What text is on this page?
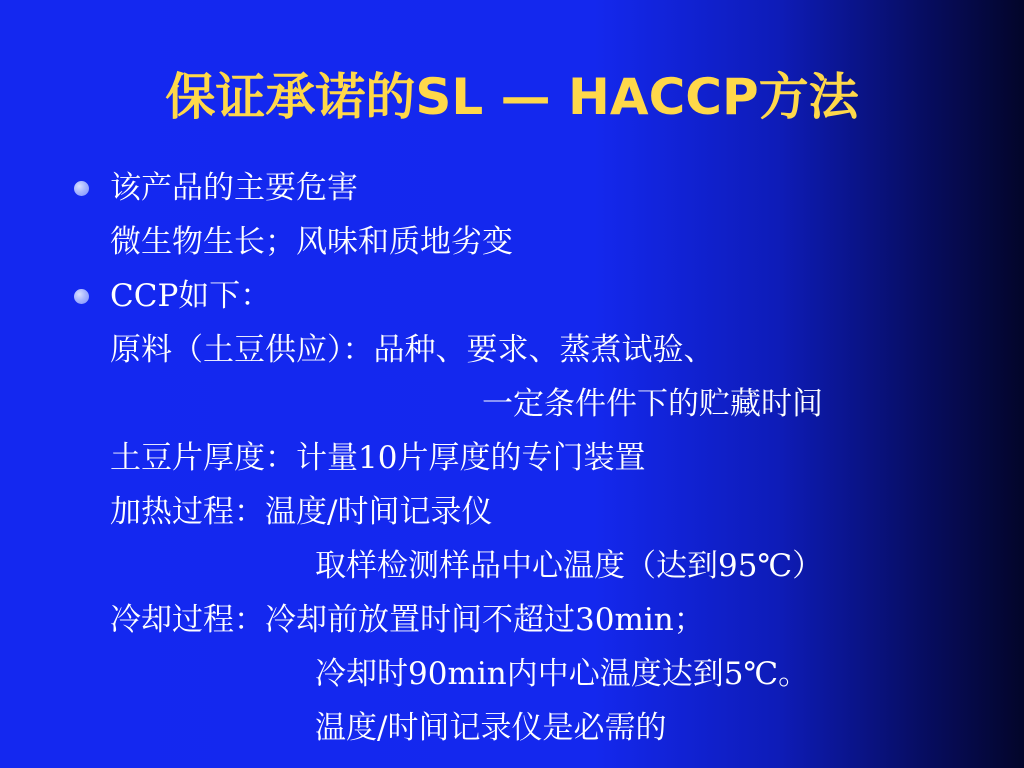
保证承诺的SL — HACCP方法
该产品的主要危害
微生物生长；风味和质地劣变
CCP如下：
原料（土豆供应）：品种、要求、蒸煮试验、
一定条件件下的贮藏时间
土豆片厚度：计量10片厚度的专门装置
加热过程：温度/时间记录仪
取样检测样品中心温度（达到95℃）
冷却过程：冷却前放置时间不超过30min；
冷却时90min内中心温度达到5℃。
温度/时间记录仪是必需的
